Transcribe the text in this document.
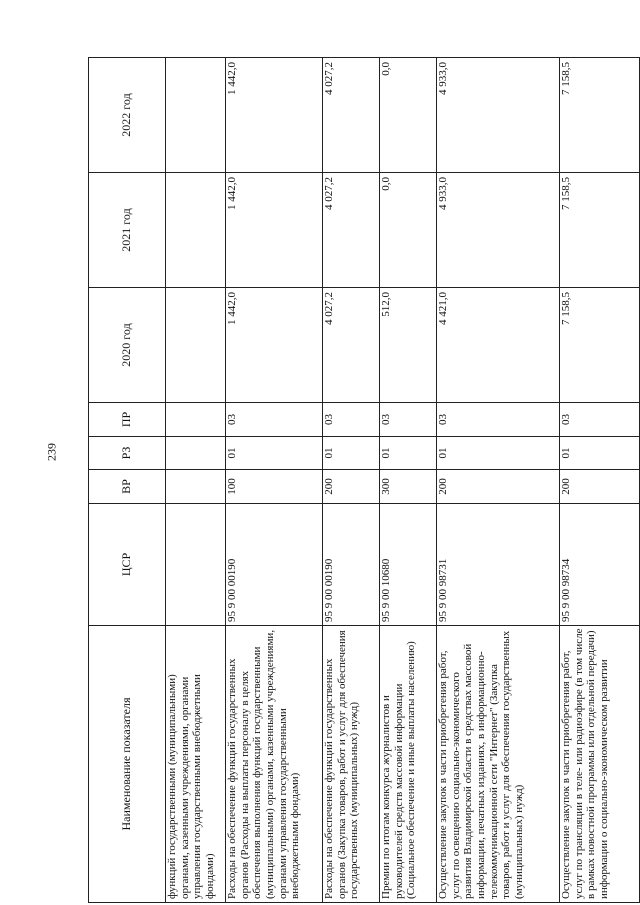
239
Наименование показателя	ЦСР	ВР	РЗ	ПР	2020 год	2021 год	2022 год
функций государственными (муниципальными) органами, казенными учреждениями, органами управления государственными внебюджетными фондами)							
Расходы на обеспечение функций государственных органов (Расходы на выплаты персоналу в целях обеспечения выполнения функций государственными (муниципальными) органами, казенными учреждениями, органами управления государственными внебюджетными фондами)	95 9 00 00190	100	01	03	1 442,0	1 442,0	1 442,0
Расходы на обеспечение функций государственных органов (Закупка товаров, работ и услуг для обеспечения государственных (муниципальных) нужд)	95 9 00 00190	200	01	03	4 027,2	4 027,2	4 027,2
Премии по итогам конкурса журналистов и руководителей средств массовой информации (Социальное обеспечение и иные выплаты населению)	95 9 00 10680	300	01	03	512,0	0,0	0,0
Осуществление закупок в части приобретения работ, услуг по освещению социально-экономического развития Владимирской области в средствах массовой информации, печатных изданиях, в информационно-телекоммуникационной сети "Интернет" (Закупка товаров, работ и услуг для обеспечения государственных (муниципальных) нужд)	95 9 00 98731	200	01	03	4 421,0	4 933,0	4 933,0
Осуществление закупок в части приобретения работ, услуг по трансляции в теле- или радиоэфире (в том числе в рамках новостной программы или отдельной передачи) информации о социально-экономическом развитии	95 9 00 98734	200	01	03	7 158,5	7 158,5	7 158,5
